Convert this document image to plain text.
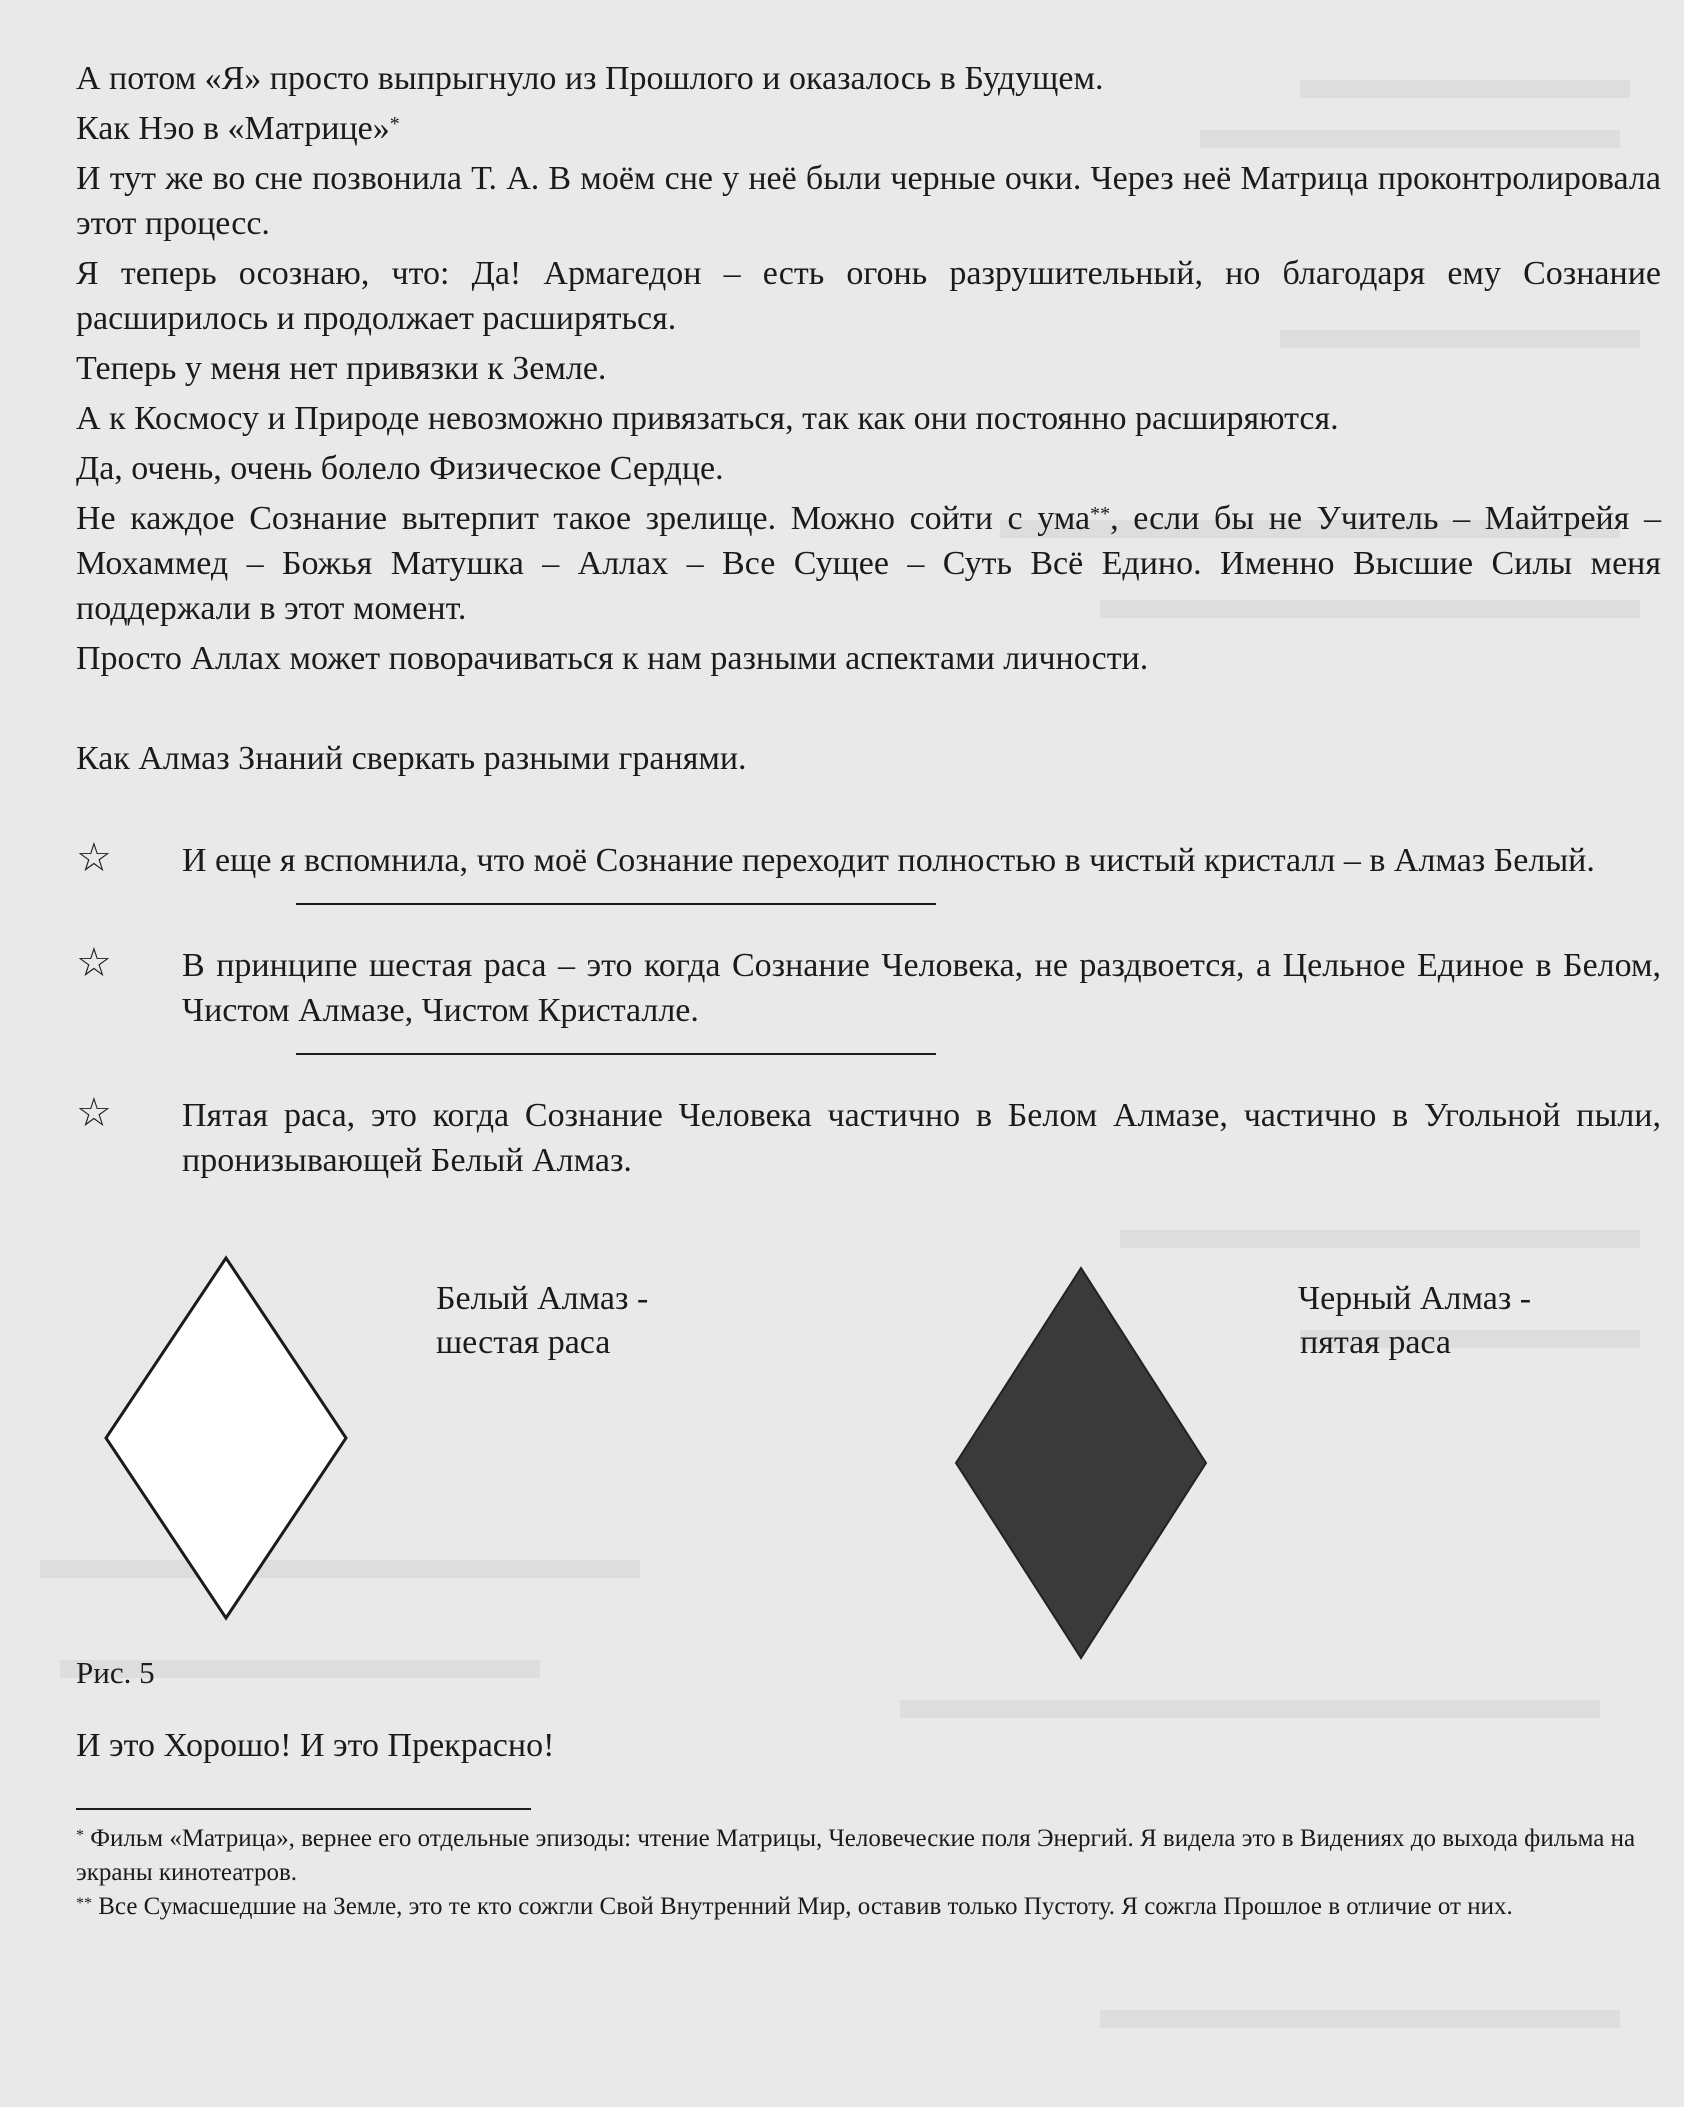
А потом «Я» просто выпрыгнуло из Прошлого и оказалось в Будущем.

Как Нэо в «Матрице»*

И тут же во сне позвонила Т. А. В моём сне у неё были черные очки. Через неё Матрица проконтролировала этот процесс.

Я теперь осознаю, что: Да! Армагедон – есть огонь разрушительный, но благодаря ему Сознание расширилось и продолжает расширяться.

Теперь у меня нет привязки к Земле.

А к Космосу и Природе невозможно привязаться, так как они постоянно расширяются.

Да, очень, очень болело Физическое Сердце.

Не каждое Сознание вытерпит такое зрелище. Можно сойти с ума**, если бы не Учитель – Майтрейя – Мохаммед – Божья Матушка – Аллах – Все Сущее – Суть Всё Едино. Именно Высшие Силы меня поддержали в этот момент.

Просто Аллах может поворачиваться к нам разными аспектами личности.

Как Алмаз Знаний сверкать разными гранями.

☆ И еще я вспомнила, что моё Сознание переходит полностью в чистый кристалл – в Алмаз Белый.

☆ В принципе шестая раса – это когда Сознание Человека, не раздвоется, а Цельное Единое в Белом, Чистом Алмазе, Чистом Кристалле.

☆ Пятая раса, это когда Сознание Человека частично в Белом Алмазе, частично в Угольной пыли, пронизывающей Белый Алмаз.

Белый Алмаз -
шестая раса
Черный Алмаз -
пятая раса
Рис. 5
И это Хорошо! И это Прекрасно!

* Фильм «Матрица», вернее его отдельные эпизоды: чтение Матрицы, Человеческие поля Энергий. Я видела это в Видениях до выхода фильма на экраны кинотеатров.

** Все Сумасшедшие на Земле, это те кто сожгли Свой Внутренний Мир, оставив только Пустоту. Я сожгла Прошлое в отличие от них.
